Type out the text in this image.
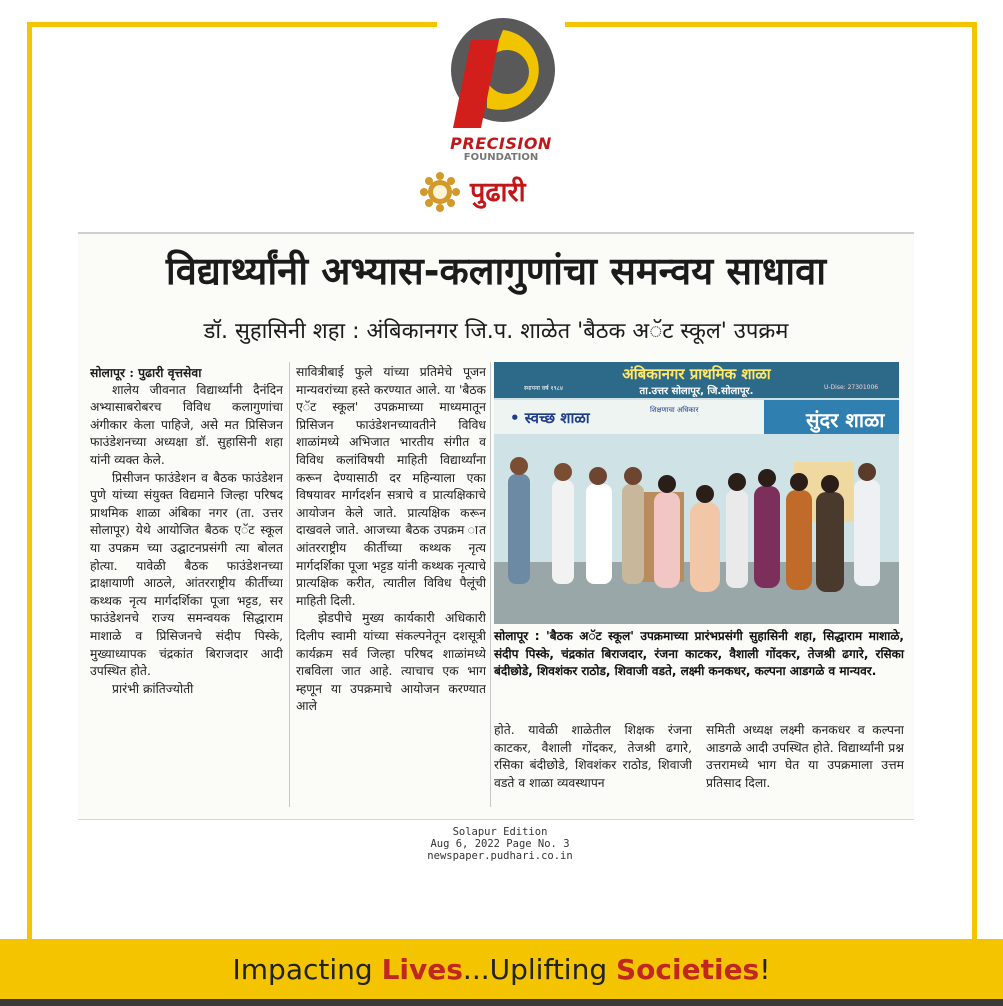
PRECISION
FOUNDATION
पुढारी
विद्यार्थ्यांनी अभ्यास-कलागुणांचा समन्वय साधावा
डॉ. सुहासिनी शहा : अंबिकानगर जि.प. शाळेत 'बैठक अॅट स्कूल' उपक्रम

सोलापूर : पुढारी वृत्तसेवा

शालेय जीवनात विद्यार्थ्यांनी दैनंदिन अभ्यासाबरोबरच विविध कलागुणांचा अंगीकार केला पाहिजे, असे मत प्रिसिजन फाउंडेशनच्या अध्यक्षा डॉ. सुहासिनी शहा यांनी व्यक्त केले.

प्रिसीजन फाउंडेशन व बैठक फाउंडेशन पुणे यांच्या संयुक्त विद्यमाने जिल्हा परिषद प्राथमिक शाळा अंबिका नगर (ता. उत्तर सोलापूर) येथे आयोजित बैठक एॅट स्कूल या उपक्रम च्या उद्घाटनप्रसंगी त्या बोलत होत्या. यावेळी बैठक फाउंडेशनच्या द्राक्षायाणी आठले, आंतरराष्ट्रीय कीर्तीच्या कथ्थक नृत्य मार्गदर्शिका पूजा भट्टड, सर फाउंडेशनचे राज्य समन्वयक सिद्धाराम माशाळे व प्रिसिजनचे संदीप पिस्के, मुख्याध्यापक चंद्रकांत बिराजदार आदी उपस्थित होते.

प्रारंभी क्रांतिज्योती

सावित्रीबाई फुले यांच्या प्रतिमेचे पूजन मान्यवरांच्या हस्ते करण्यात आले. या 'बैठक एॅट स्कूल' उपक्रमाच्या माध्यमातून प्रिसिजन फाउंडेशनच्यावतीने विविध शाळांमध्ये अभिजात भारतीय संगीत व विविध कलांविषयी माहिती विद्यार्थ्यांना करून देण्यासाठी दर महिन्याला एका विषयावर मार्गदर्शन सत्राचे व प्रात्यक्षिकाचे आयोजन केले जाते. प्रात्यक्षिक करून दाखवले जाते. आजच्या बैठक उपक्रम ात आंतरराष्ट्रीय कीर्तीच्या कथ्थक नृत्य मार्गदर्शिका पूजा भट्टड यांनी कथ्थक नृत्याचे प्रात्यक्षिक करीत, त्यातील विविध पैलूंची माहिती दिली.

झेडपीचे मुख्य कार्यकारी अधिकारी दिलीप स्वामी यांच्या संकल्पनेतून दशसूत्री कार्यक्रम सर्व जिल्हा परिषद शाळांमध्ये राबविला जात आहे. त्याचाच एक भाग म्हणून या उपक्रमाचे आयोजन करण्यात आले

अंबिकानगर प्राथमिक शाळा
ता.उत्तर सोलापूर, जि.सोलापूर.
स्थापना वर्ष १९८४	U-Dise: 27301006
• स्वच्छ शाळा	शिक्षणाचा अधिकार	सुंदर शाळा
सोलापूर : 'बैठक अॅट स्कूल' उपक्रमाच्या प्रारंभप्रसंगी सुहासिनी शहा, सिद्धाराम माशाळे, संदीप पिस्के, चंद्रकांत बिराजदार, रंजना काटकर, वैशाली गोंदकर, तेजश्री ढगारे, रसिका बंदीछोडे, शिवशंकर राठोड, शिवाजी वडते, लक्ष्मी कनकधर, कल्पना आडगळे व मान्यवर.

होते. यावेळी शाळेतील शिक्षक रंजना काटकर, वैशाली गोंदकर, तेजश्री ढगारे, रसिका बंदीछोडे, शिवशंकर राठोड, शिवाजी वडते व शाळा व्यवस्थापन

समिती अध्यक्ष लक्ष्मी कनकधर व कल्पना आडगळे आदी उपस्थित होते. विद्यार्थ्यांनी प्रश्न उत्तरामध्ये भाग घेत या उपक्रमाला उत्तम प्रतिसाद दिला.

Solapur Edition
Aug 6, 2022 Page No. 3
newspaper.pudhari.co.in
Impacting Lives...Uplifting Societies!
